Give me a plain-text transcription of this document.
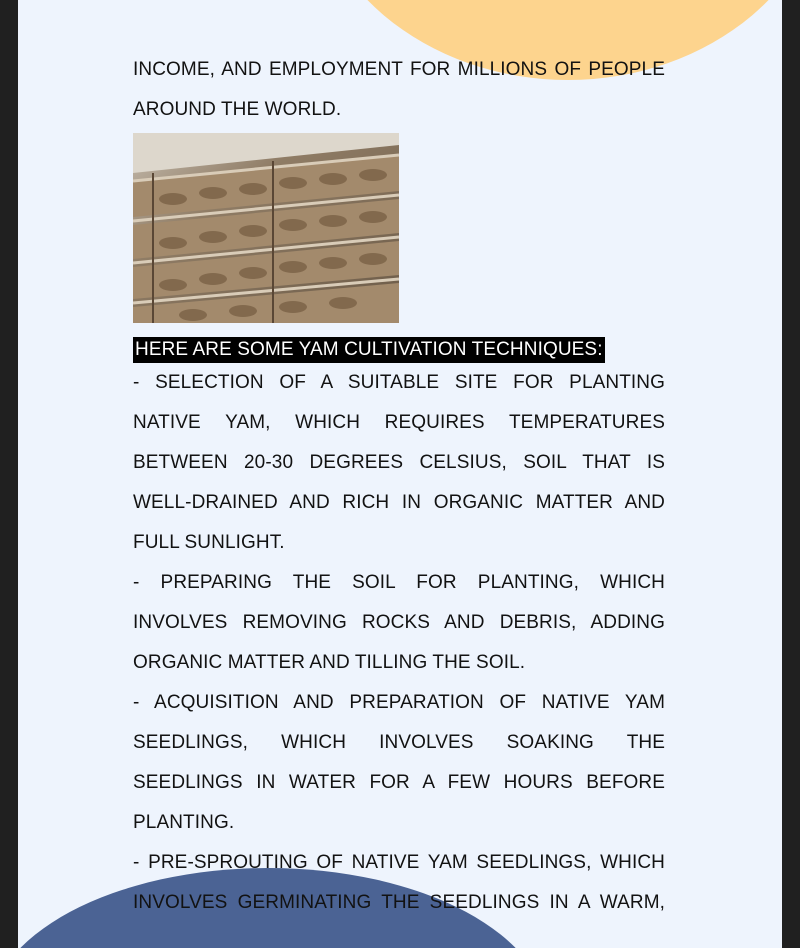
INCOME, AND EMPLOYMENT FOR MILLIONS OF PEOPLE
AROUND THE WORLD.
HERE ARE SOME YAM CULTIVATION TECHNIQUES:
- SELECTION OF A SUITABLE SITE FOR PLANTING
NATIVE YAM, WHICH REQUIRES TEMPERATURES
BETWEEN 20-30 DEGREES CELSIUS, SOIL THAT IS
WELL-DRAINED AND RICH IN ORGANIC MATTER AND
FULL SUNLIGHT.
- PREPARING THE SOIL FOR PLANTING, WHICH
INVOLVES REMOVING ROCKS AND DEBRIS, ADDING
ORGANIC MATTER AND TILLING THE SOIL.
- ACQUISITION AND PREPARATION OF NATIVE YAM
SEEDLINGS, WHICH INVOLVES SOAKING THE
SEEDLINGS IN WATER FOR A FEW HOURS BEFORE
PLANTING.
- PRE-SPROUTING OF NATIVE YAM SEEDLINGS, WHICH
INVOLVES GERMINATING THE SEEDLINGS IN A WARM,
